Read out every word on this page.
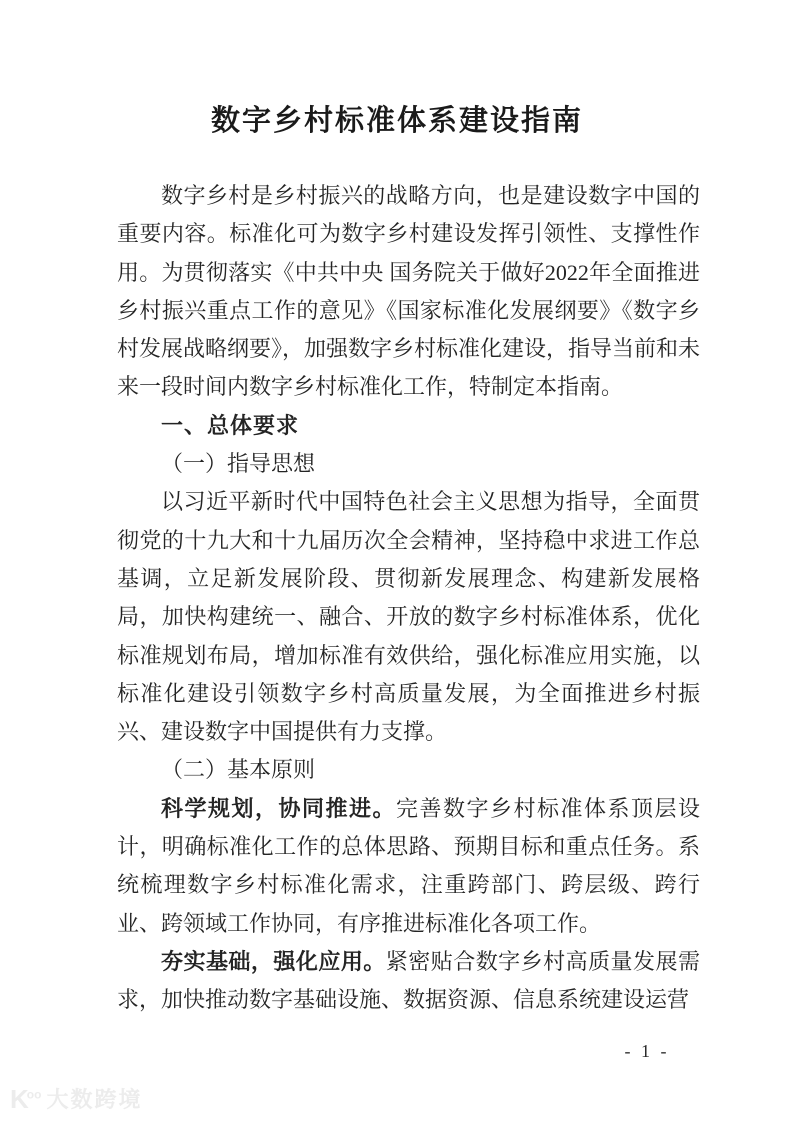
数字乡村标准体系建设指南

数字乡村是乡村振兴的战略方向，也是建设数字中国的重要内容。标准化可为数字乡村建设发挥引领性、支撑性作用。为贯彻落实《中共中央 国务院关于做好2022年全面推进乡村振兴重点工作的意见》《国家标准化发展纲要》《数字乡村发展战略纲要》，加强数字乡村标准化建设，指导当前和未来一段时间内数字乡村标准化工作，特制定本指南。

一、总体要求

（一）指导思想

以习近平新时代中国特色社会主义思想为指导，全面贯彻党的十九大和十九届历次全会精神，坚持稳中求进工作总基调，立足新发展阶段、贯彻新发展理念、构建新发展格局，加快构建统一、融合、开放的数字乡村标准体系，优化标准规划布局，增加标准有效供给，强化标准应用实施，以标准化建设引领数字乡村高质量发展，为全面推进乡村振兴、建设数字中国提供有力支撑。

（二）基本原则

科学规划，协同推进。完善数字乡村标准体系顶层设计，明确标准化工作的总体思路、预期目标和重点任务。系统梳理数字乡村标准化需求，注重跨部门、跨层级、跨行业、跨领域工作协同，有序推进标准化各项工作。

夯实基础，强化应用。紧密贴合数字乡村高质量发展需求，加快推动数字基础设施、数据资源、信息系统建设运营

- 1 -
$K^{oo}$ 大数跨境
